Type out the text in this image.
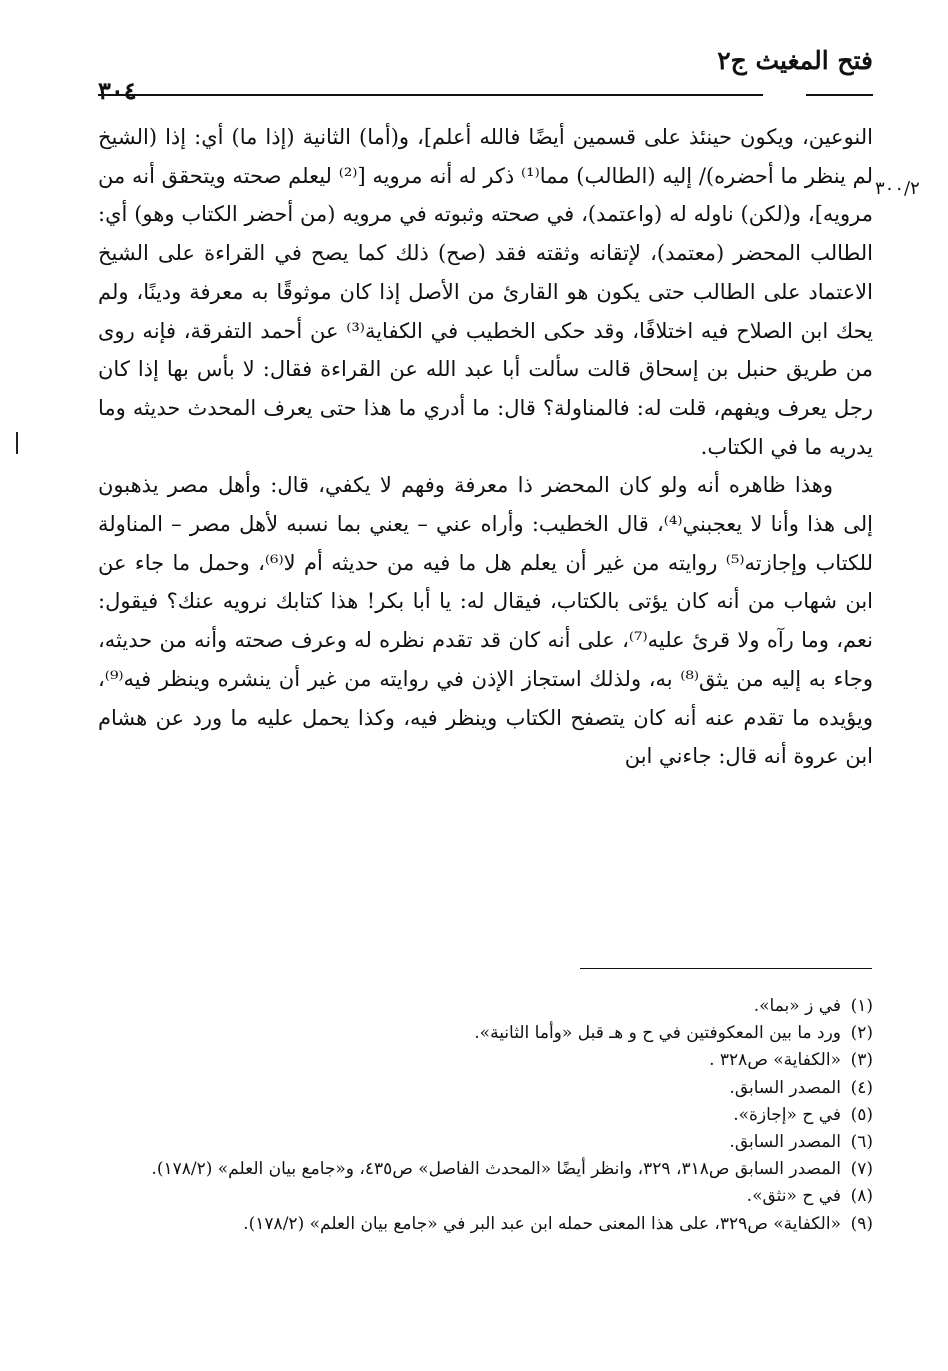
فتح المغيث ج٢
٣٠٤
٣٠٠/٢

النوعين، ويكون حينئذ على قسمين أيضًا فالله أعلم]، و(أما) الثانية (إذا ما) أي: إذا (الشيخ لم ينظر ما أحضره)/ إليه (الطالب) مما⁽¹⁾ ذكر له أنه مرويه [⁽²⁾ ليعلم صحته ويتحقق أنه من مرويه]، و(لكن) ناوله له (واعتمد)، في صحته وثبوته في مرويه (من أحضر الكتاب وهو) أي: الطالب المحضر (معتمد)، لإتقانه وثقته فقد (صح) ذلك كما يصح في القراءة على الشيخ الاعتماد على الطالب حتى يكون هو القارئ من الأصل إذا كان موثوقًا به معرفة ودينًا، ولم يحك ابن الصلاح فيه اختلافًا، وقد حكى الخطيب في الكفاية⁽³⁾ عن أحمد التفرقة، فإنه روى من طريق حنبل بن إسحاق قالت سألت أبا عبد الله عن القراءة فقال: لا بأس بها إذا كان رجل يعرف ويفهم، قلت له: فالمناولة؟ قال: ما أدري ما هذا حتى يعرف المحدث حديثه وما يدريه ما في الكتاب.

وهذا ظاهره أنه ولو كان المحضر ذا معرفة وفهم لا يكفي، قال: وأهل مصر يذهبون إلى هذا وأنا لا يعجبني⁽⁴⁾، قال الخطيب: وأراه عني – يعني بما نسبه لأهل مصر – المناولة للكتاب وإجازته⁽⁵⁾ روايته من غير أن يعلم هل ما فيه من حديثه أم لا⁽⁶⁾، وحمل ما جاء عن ابن شهاب من أنه كان يؤتى بالكتاب، فيقال له: يا أبا بكر! هذا كتابك نرويه عنك؟ فيقول: نعم، وما رآه ولا قرئ عليه⁽⁷⁾، على أنه كان قد تقدم نظره له وعرف صحته وأنه من حديثه، وجاء به إليه من يثق⁽⁸⁾ به، ولذلك استجاز الإذن في روايته من غير أن ينشره وينظر فيه⁽⁹⁾، ويؤيده ما تقدم عنه أنه كان يتصفح الكتاب وينظر فيه، وكذا يحمل عليه ما ورد عن هشام ابن عروة أنه قال: جاءني ابن

(١)
في ز «بما».
(٢)
ورد ما بين المعكوفتين في ح و هـ قبل «وأما الثانية».
(٣)
«الكفاية» ص٣٢٨ .
(٤)
المصدر السابق.
(٥)
في ح «إجازة».
(٦)
المصدر السابق.
(٧)
المصدر السابق ص٣١٨، ٣٢٩، وانظر أيضًا «المحدث الفاصل» ص٤٣٥، و«جامع بيان العلم» (١٧٨/٢).
(٨)
في ح «نثق».
(٩)
«الكفاية» ص٣٢٩، على هذا المعنى حمله ابن عبد البر في «جامع بيان العلم» (١٧٨/٢).
